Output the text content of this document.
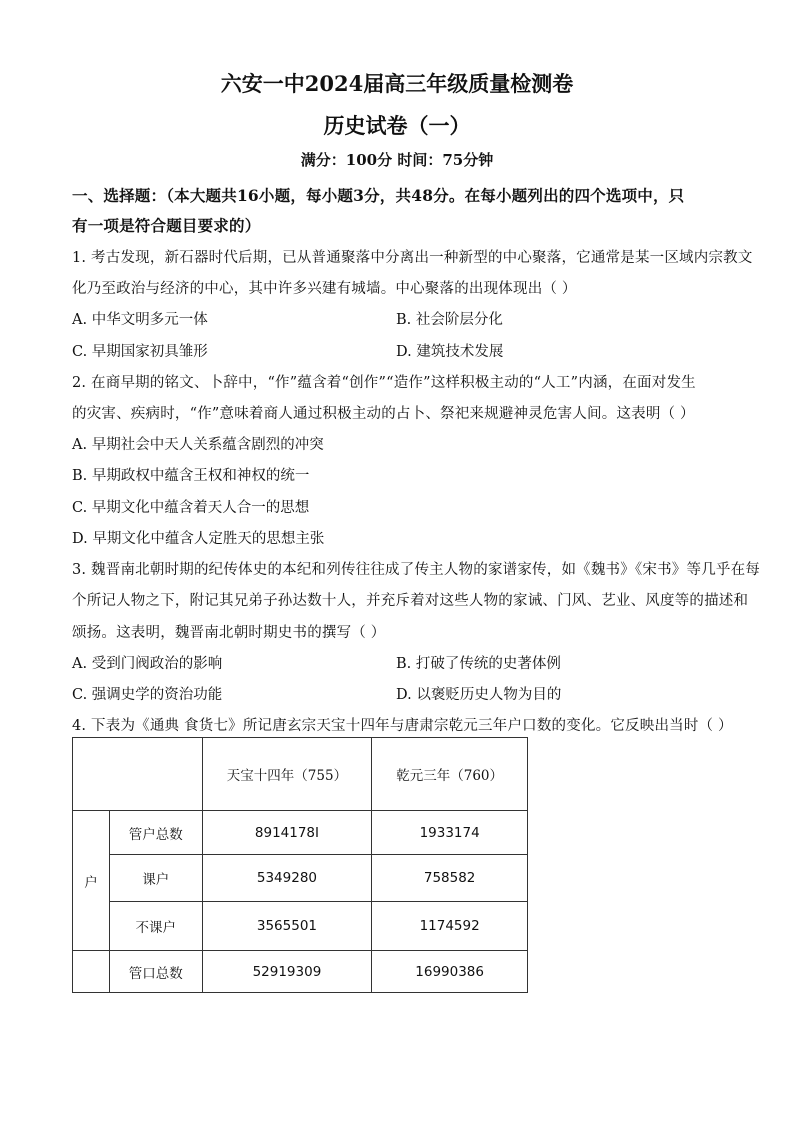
六安一中2024届高三年级质量检测卷
历史试卷（一）
满分：100分 时间：75分钟
一、选择题：（本大题共16小题，每小题3分，共48分。在每小题列出的四个选项中，只
有一项是符合题目要求的）
1. 考古发现，新石器时代后期，已从普通聚落中分离出一种新型的中心聚落，它通常是某一区域内宗教文
化乃至政治与经济的中心，其中许多兴建有城墙。中心聚落的出现体现出（ ）
A. 中华文明多元一体	B. 社会阶层分化
C. 早期国家初具雏形	D. 建筑技术发展
2. 在商早期的铭文、卜辞中，“作”蕴含着“创作”“造作”这样积极主动的“人工”内涵，在面对发生
的灾害、疾病时，“作”意味着商人通过积极主动的占卜、祭祀来规避神灵危害人间。这表明（ ）
A. 早期社会中天人关系蕴含剧烈的冲突
B. 早期政权中蕴含王权和神权的统一
C. 早期文化中蕴含着天人合一的思想
D. 早期文化中蕴含人定胜天的思想主张
3. 魏晋南北朝时期的纪传体史的本纪和列传往往成了传主人物的家谱家传，如《魏书》《宋书》等几乎在每
个所记人物之下，附记其兄弟子孙达数十人，并充斥着对这些人物的家诫、门风、艺业、风度等的描述和
颂扬。这表明，魏晋南北朝时期史书的撰写（ ）
A. 受到门阀政治的影响	B. 打破了传统的史著体例
C. 强调史学的资治功能	D. 以褒贬历史人物为目的
4. 下表为《通典 食货七》所记唐玄宗天宝十四年与唐肃宗乾元三年户口数的变化。它反映出当时（ ）
		天宝十四年（755）	乾元三年（760）
户	管户总数	8914178I	1933174
	课户	5349280	758582
	不课户	3565501	1174592
	管口总数	52919309	16990386
